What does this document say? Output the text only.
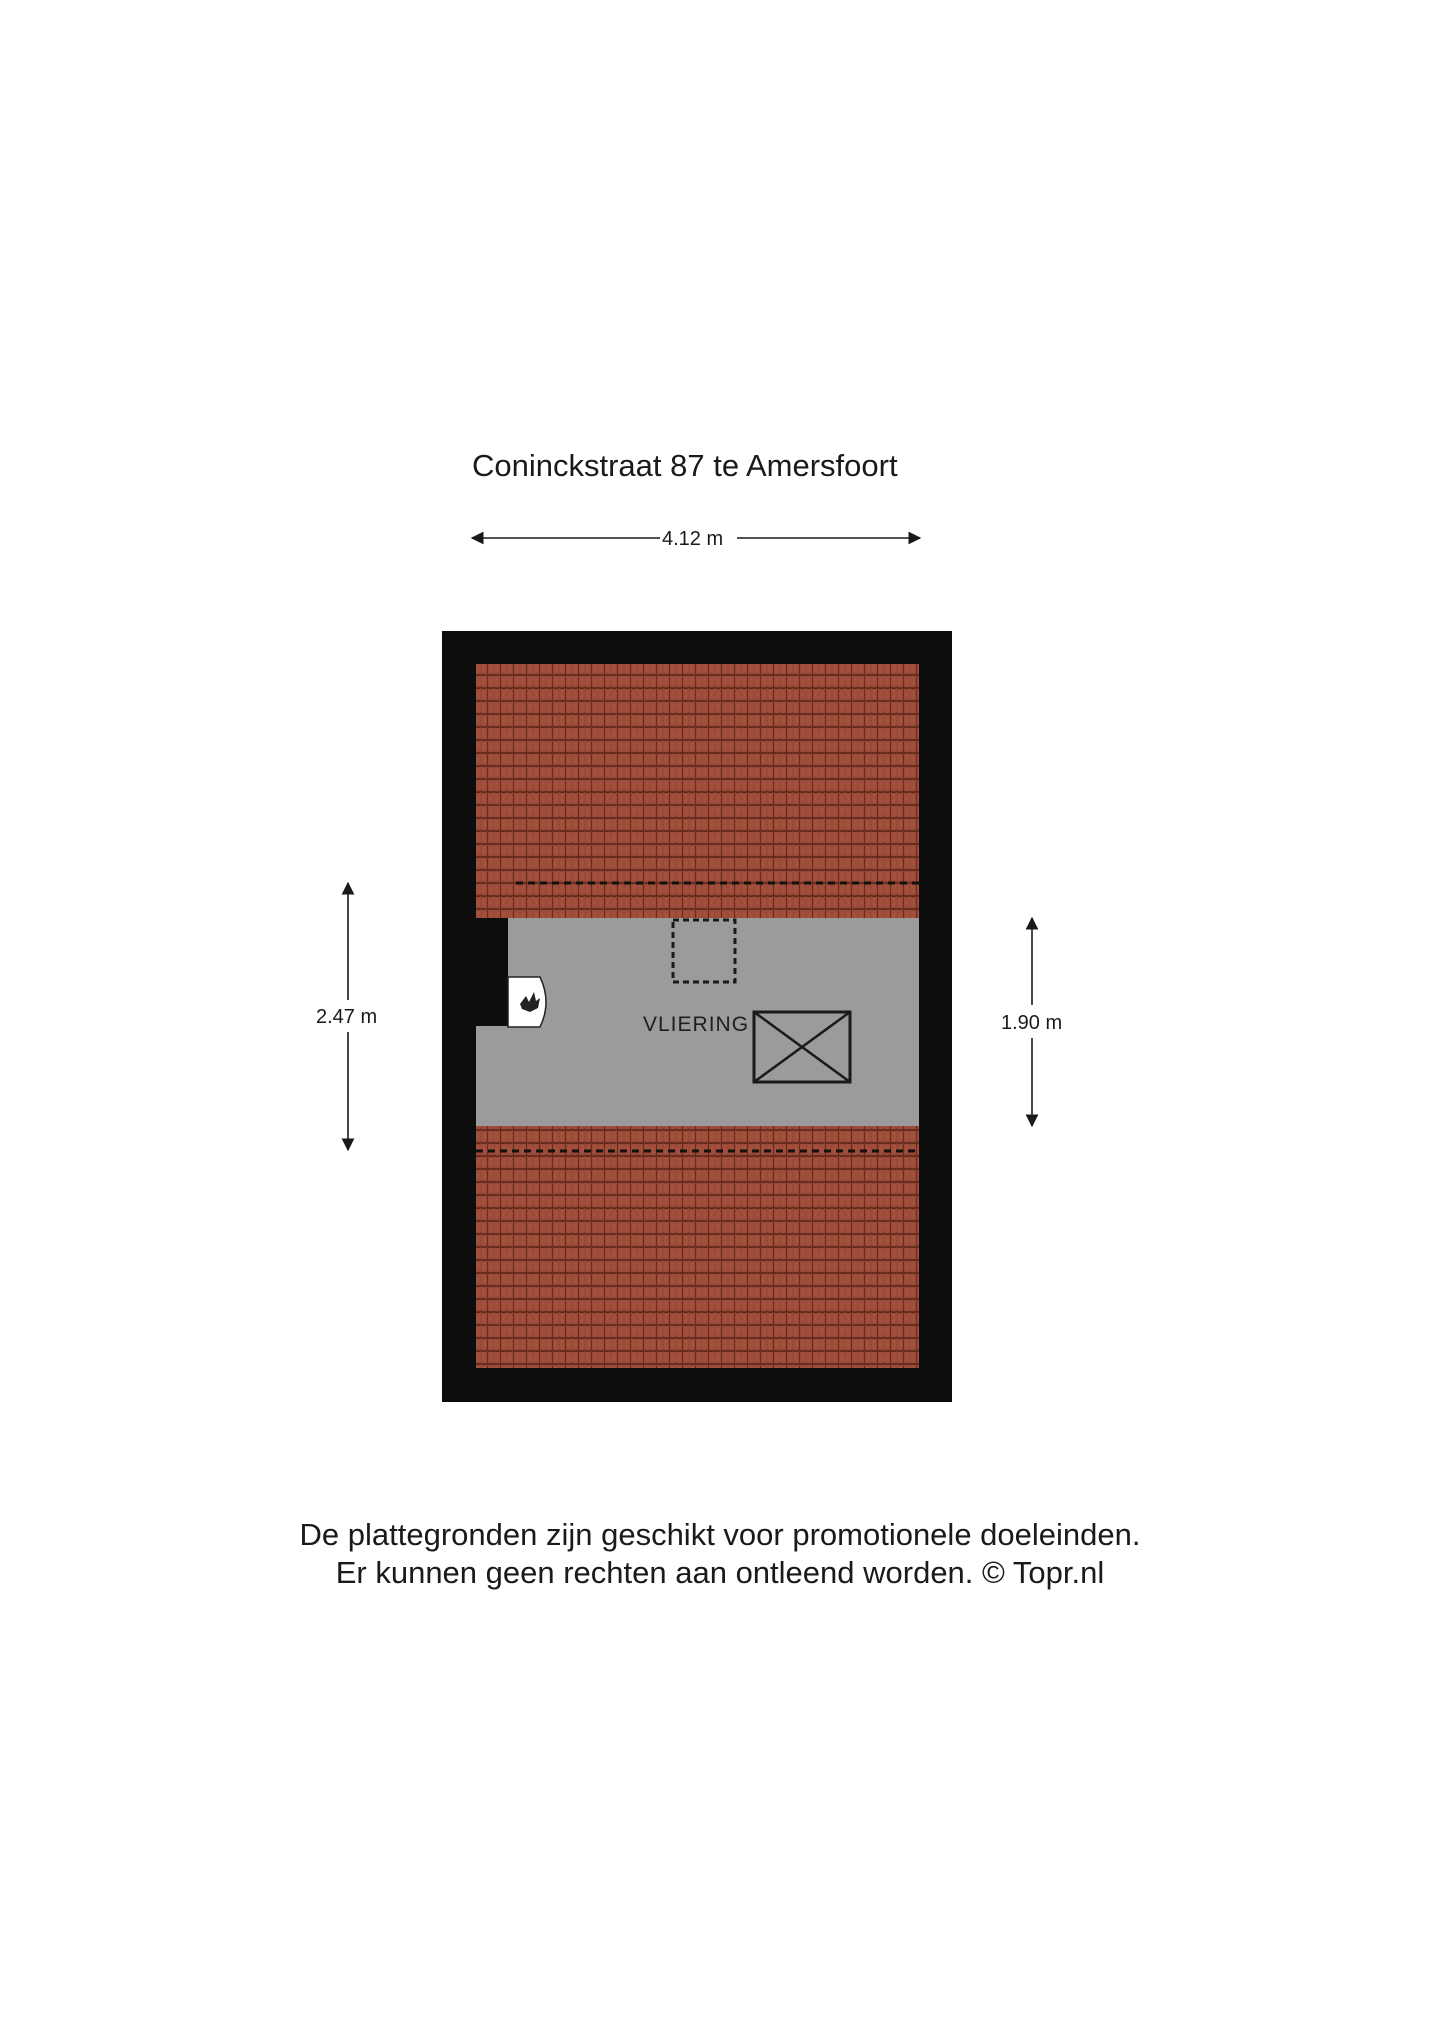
Coninckstraat 87 te Amersfoort
4.12 m
2.47 m	1.90 m
VLIERING
De plattegronden zijn geschikt voor promotionele doeleinden.
Er kunnen geen rechten aan ontleend worden. © Topr.nl
